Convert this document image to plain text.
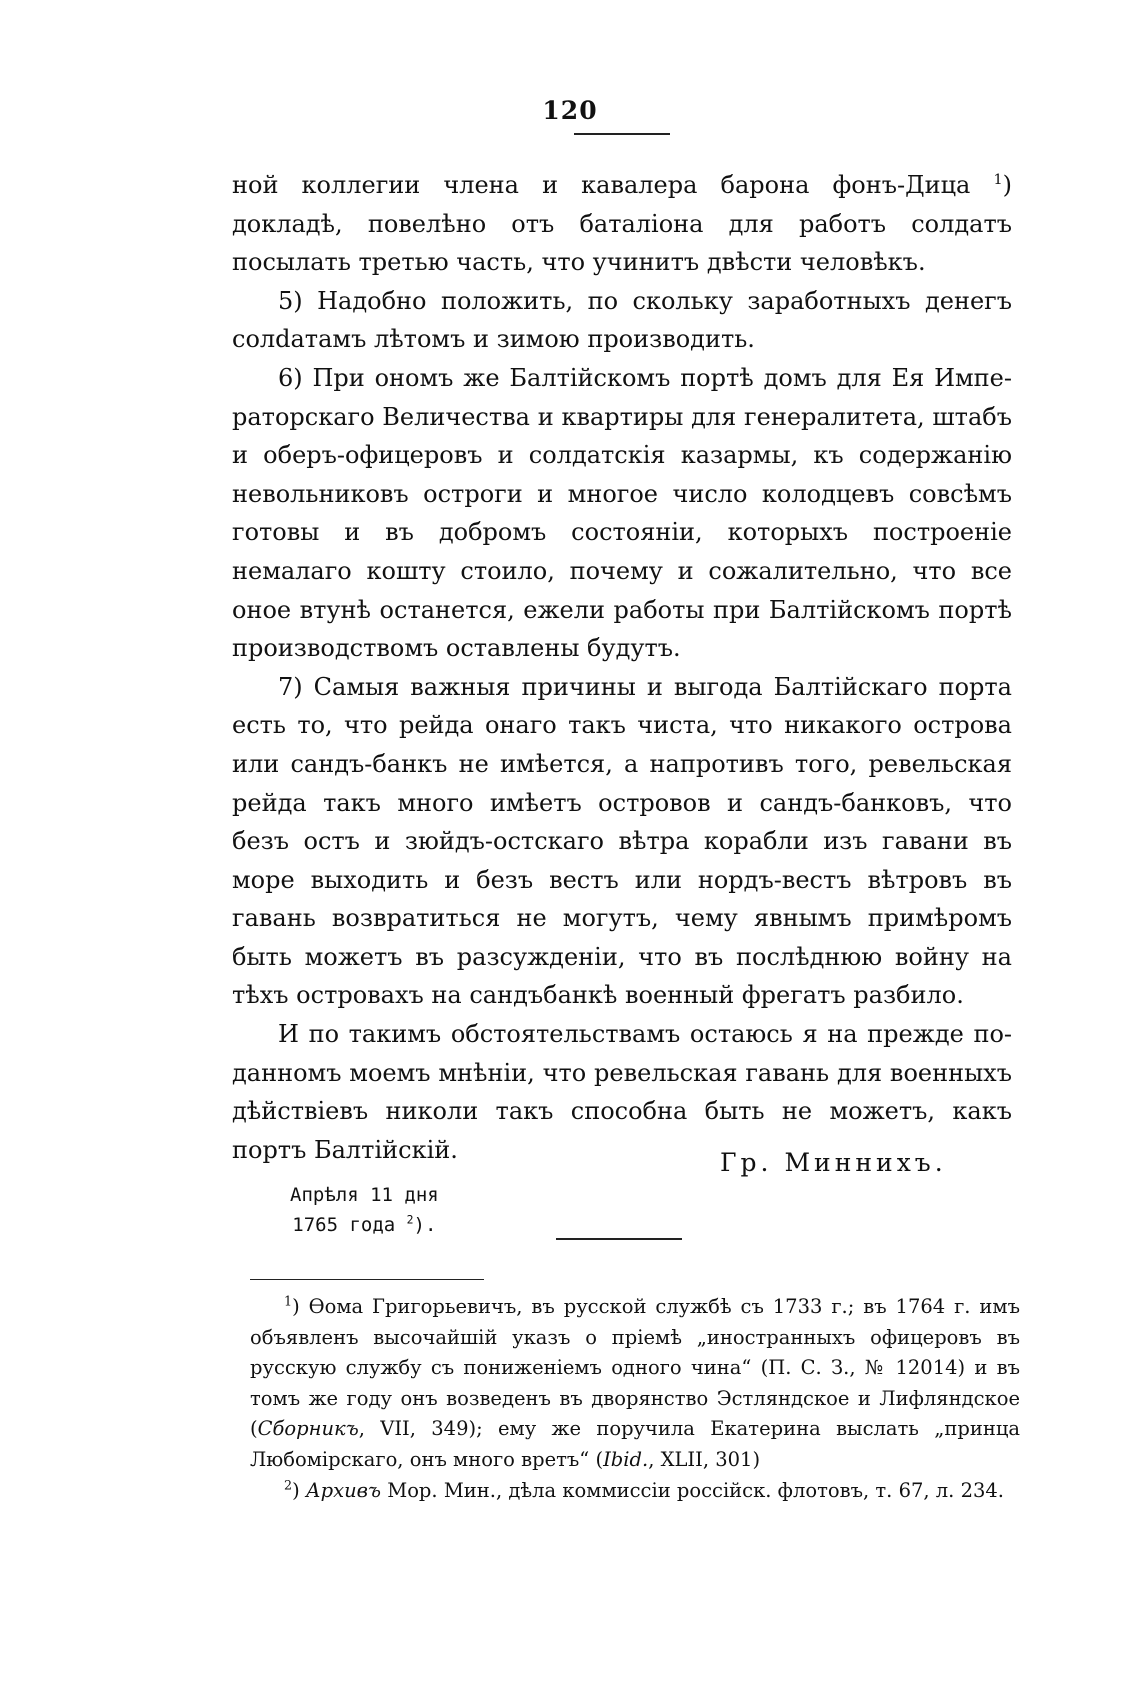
120

ной коллегии члена и кавалера барона фонъ-Дица $^1$) докладѣ, повелѣно отъ баталіона для работъ солдатъ посылать третью часть, что учинитъ двѣсти человѣкъ.

5) Надобно положить, по скольку заработныхъ денегъ солdатамъ лѣтомъ и зимою производить.

6) При ономъ же Балтійскомъ портѣ домъ для Ея Императорскаго Величества и квартиры для генералитета, штабъ и оберъ-офицеровъ и солдатскія казармы, къ содержанію невольниковъ остроги и многое число колодцевъ совсѣмъ готовы и въ добромъ состояніи, которыхъ построеніе немалаго кошту стоило, почему и сожалительно, что все оное втунѣ останется, ежели работы при Балтійскомъ портѣ производствомъ оставлены будутъ.

7) Самыя важныя причины и выгода Балтійскаго порта есть то, что рейда онаго такъ чиста, что никакого острова или сандъ-банкъ не имѣется, а напротивъ того, ревельская рейда такъ много имѣетъ островов и сандъ-банковъ, что безъ остъ и зюйдъ-остскаго вѣтра корабли изъ гавани въ море выходить и безъ вестъ или нордъ-вестъ вѣтровъ въ гавань возвратиться не могутъ, чему явнымъ примѣромъ быть можетъ въ разсужденіи, что въ послѣднюю войну на тѣхъ островахъ на сандъбанкѣ военный фрегатъ разбило.

И по такимъ обстоятельствамъ остаюсь я на прежде поданномъ моемъ мнѣніи, что ревельская гавань для военныхъ дѣйствіевъ николи такъ способна быть не можетъ, какъ портъ Балтійскій.	Гр. Миннихъ.
Апрѣля 11 дня
1765 года $^2$).

$^1$) Ѳома Григорьевичъ, въ русской службѣ съ 1733 г.; въ 1764 г. имъ объявленъ высочайшій указъ о пріемѣ „иностранныхъ офицеровъ въ русскую службу съ пониженіемъ одного чина“ (П. С. З., № 12014) и въ томъ же году онъ возведенъ въ дворянство Эстляндское и Лифляндское (Сборникъ, VII, 349); ему же поручила Екатерина выслать „принца Любомірскаго, онъ много вретъ“ (Ibid., XLII, 301)

$^2$) Архивъ Мор. Мин., дѣла коммиссіи россійск. флотовъ, т. 67, л. 234.
